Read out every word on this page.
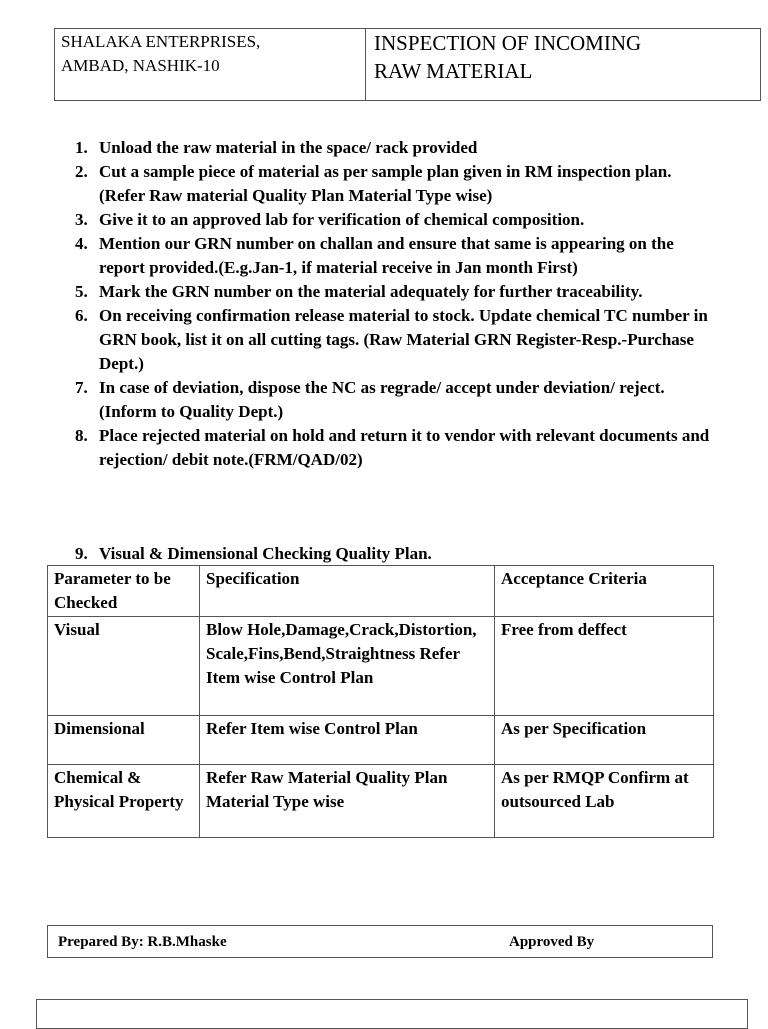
SHALAKA ENTERPRISES,
AMBAD, NASHIK-10

INSPECTION OF INCOMING
RAW MATERIAL
1. Unload the raw material in the space/ rack provided
2. Cut a sample piece of material as per sample plan given in RM inspection plan.(Refer Raw material Quality Plan Material Type wise)
3. Give it to an approved lab for verification of chemical composition.
4. Mention our GRN number on challan and ensure that same is appearing on the report provided.(E.g.Jan-1, if material receive in Jan month First)
5. Mark the GRN number on the material adequately for further traceability.
6. On receiving confirmation release material to stock. Update chemical TC number in GRN book, list it on all cutting tags. (Raw Material GRN Register-Resp.-Purchase Dept.)
7. In case of deviation, dispose the NC as regrade/ accept under deviation/ reject. (Inform to Quality Dept.)
8. Place rejected material on hold and return it to vendor with relevant documents and rejection/ debit note.(FRM/QAD/02)
9. Visual & Dimensional Checking Quality Plan.
Parameter to be Checked	Specification	Acceptance Criteria
Visual	Blow Hole,Damage,Crack,Distortion, Scale,Fins,Bend,Straightness Refer Item wise Control Plan	Free from deffect
Dimensional	Refer Item wise Control Plan	As per Specification
Chemical & Physical Property	Refer Raw Material Quality Plan Material Type wise	As per RMQP Confirm at outsourced Lab
Prepared By: R.B.Mhaske	Approved By
